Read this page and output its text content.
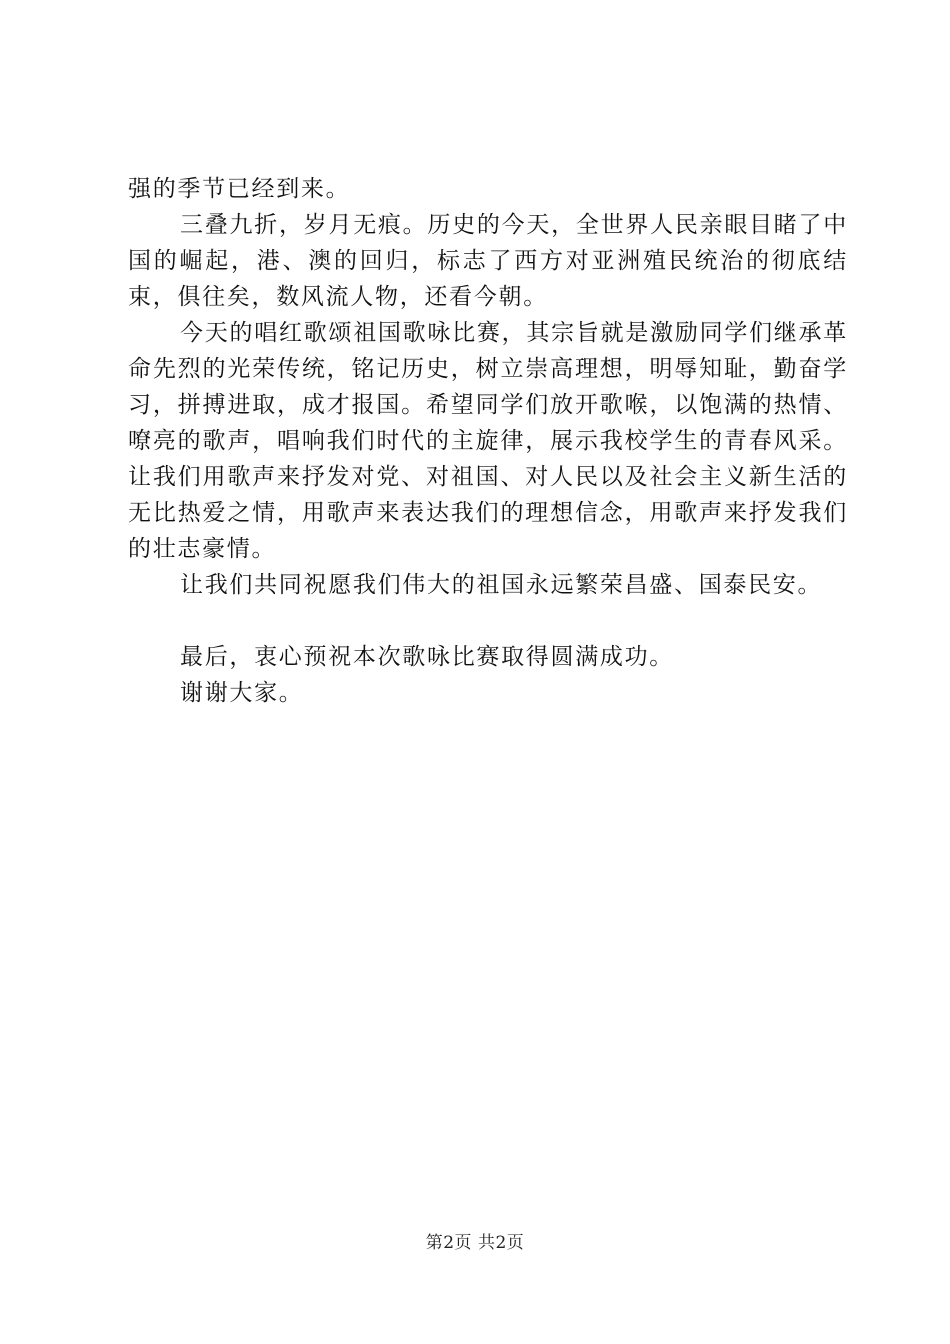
强的季节已经到来。

三叠九折，岁月无痕。历史的今天，全世界人民亲眼目睹了中国的崛起，港、澳的回归，标志了西方对亚洲殖民统治的彻底结束，俱往矣，数风流人物，还看今朝。

今天的唱红歌颂祖国歌咏比赛，其宗旨就是激励同学们继承革命先烈的光荣传统，铭记历史，树立崇高理想，明辱知耻，勤奋学习，拼搏进取，成才报国。希望同学们放开歌喉，以饱满的热情、嘹亮的歌声，唱响我们时代的主旋律，展示我校学生的青春风采。让我们用歌声来抒发对党、对祖国、对人民以及社会主义新生活的无比热爱之情，用歌声来表达我们的理想信念，用歌声来抒发我们的壮志豪情。

让我们共同祝愿我们伟大的祖国永远繁荣昌盛、国泰民安。

最后，衷心预祝本次歌咏比赛取得圆满成功。

谢谢大家。

第2页 共2页
